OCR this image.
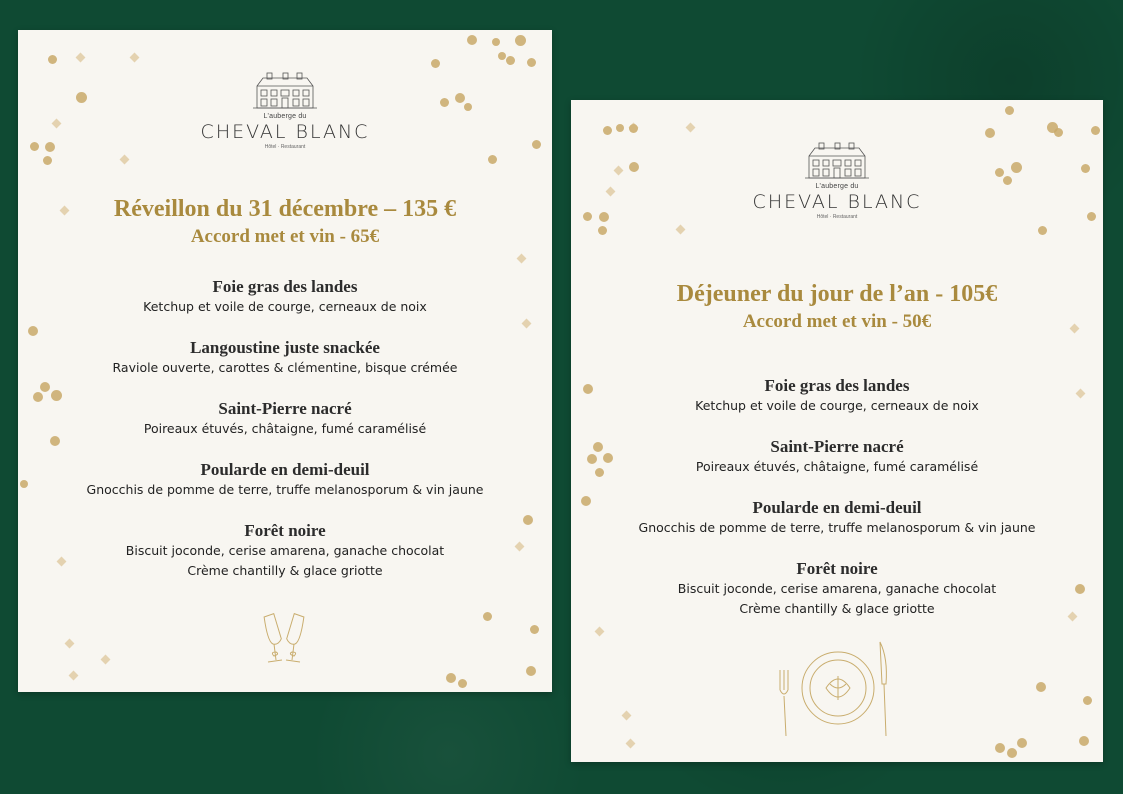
L'auberge du
CHEVAL BLANC
Hôtel · Restaurant
Réveillon du 31 décembre – 135 €
Accord met et vin - 65€
Foie gras des landes
Ketchup et voile de courge, cerneaux de noix
Langoustine juste snackée
Raviole ouverte, carottes & clémentine, bisque crémée
Saint-Pierre nacré
Poireaux étuvés, châtaigne, fumé caramélisé
Poularde en demi-deuil
Gnocchis de pomme de terre, truffe melanosporum & vin jaune
Forêt noire
Biscuit joconde, cerise amarena, ganache chocolat
Crème chantilly & glace griotte
L'auberge du
CHEVAL BLANC
Hôtel · Restaurant
Déjeuner du jour de l’an - 105€
Accord met et vin - 50€
Foie gras des landes
Ketchup et voile de courge, cerneaux de noix
Saint-Pierre nacré
Poireaux étuvés, châtaigne, fumé caramélisé
Poularde en demi-deuil
Gnocchis de pomme de terre, truffe melanosporum & vin jaune
Forêt noire
Biscuit joconde, cerise amarena, ganache chocolat
Crème chantilly & glace griotte
